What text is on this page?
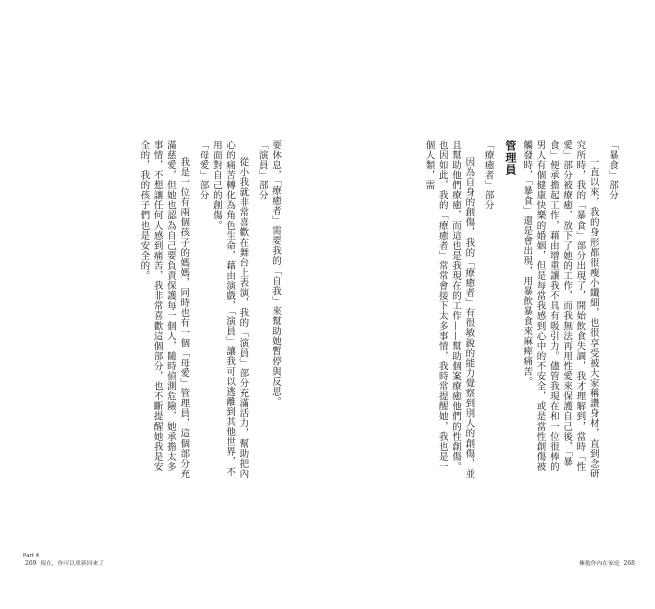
要休息，「療癒者」需要我的「自我」來幫助她暫停與反思。

「演員」部分

從小我就非常喜歡在舞台上表演，我的「演員」部分充滿活力，幫助把內心的痛苦轉化為角色生命，藉由演戲，「演員」讓我可以逃離到其他世界，不用面對自己的創傷。

「母愛」部分

我是一位有兩個孩子的媽媽，同時也有一個「母愛」管理員，這個部分充滿慈愛，但她也認為自己要負責保護每一個人，隨時偵測危險，她承擔太多事情，不想讓任何人感到痛苦，我非常喜歡這個部分，也不斷提醒她我是安全的，我的孩子們也是安全的。

Part 4
269 現在，你可以重新回來了

「暴食」部分

一直以來，我的身形都很瘦小纖細，也很享受被大家稱讚身材，直到念研究所時，我的「暴食」部分出現了，開始飲食失調，我才理解到，當時「性愛」部分被療癒、放下了她的工作，而我無法再用性愛來保護自己後，「暴食」便承擔起工作，藉由增重讓我不具有吸引力。儘管我現在和一位很棒的男人有個健康快樂的婚姻，但是每當我感到心中的不安全，或是當性創傷被觸發時，「暴食」還是會出現，用暴飲暴食來麻痺痛苦。

管理員

「療癒者」部分

因為自身的創傷，我的「療癒者」有很敏銳的能力覺察到別人的創傷，並且幫助他們療癒，而這也是我現在的工作——幫助個案療癒他們的性創傷。也因如此，我的「療癒者」常常會接下太多事情，我時常提醒她，我也是一個人類，需

擁抱你內在家庭 268
